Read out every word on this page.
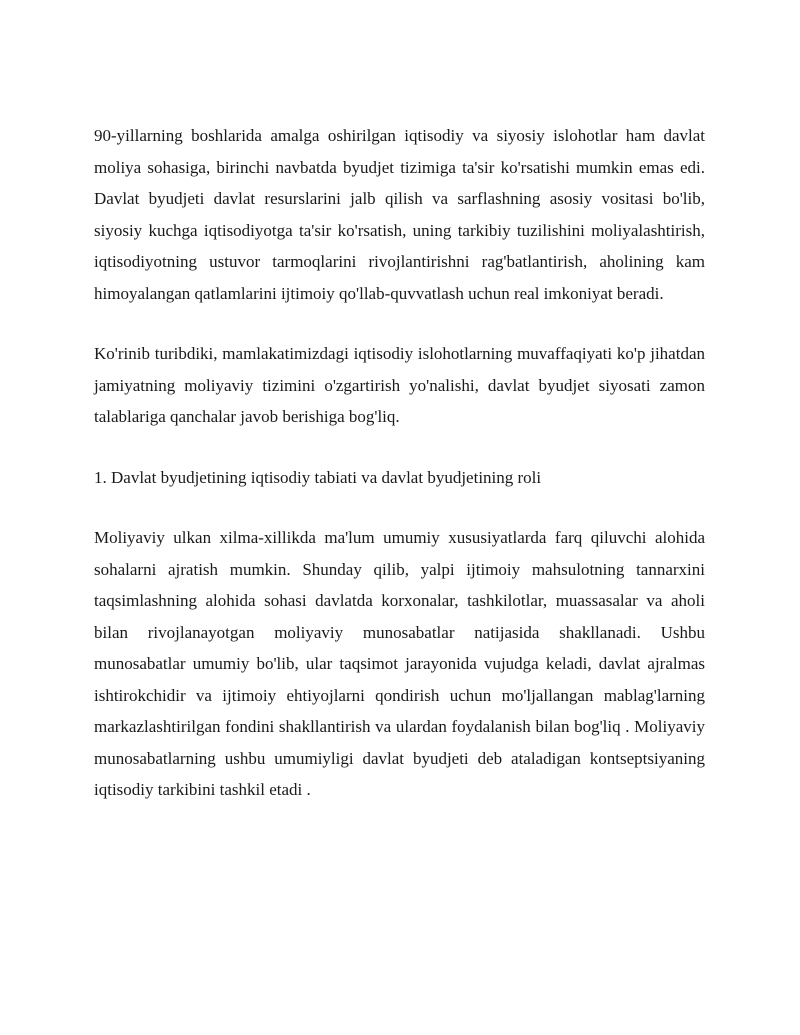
90-yillarning boshlarida amalga oshirilgan iqtisodiy va siyosiy islohotlar ham davlat moliya sohasiga, birinchi navbatda byudjet tizimiga ta'sir ko'rsatishi mumkin emas edi. Davlat byudjeti davlat resurslarini jalb qilish va sarflashning asosiy vositasi bo'lib, siyosiy kuchga iqtisodiyotga ta'sir ko'rsatish, uning tarkibiy tuzilishini moliyalashtirish, iqtisodiyotning ustuvor tarmoqlarini rivojlantirishni rag'batlantirish, aholining kam himoyalangan qatlamlarini ijtimoiy qo'llab-quvvatlash uchun real imkoniyat beradi.

Ko'rinib turibdiki, mamlakatimizdagi iqtisodiy islohotlarning muvaffaqiyati ko'p jihatdan jamiyatning moliyaviy tizimini o'zgartirish yo'nalishi, davlat byudjet siyosati zamon talablariga qanchalar javob berishiga bog'liq.

1. Davlat byudjetining iqtisodiy tabiati va davlat byudjetining roli

Moliyaviy ulkan xilma-xillikda ma'lum umumiy xususiyatlarda farq qiluvchi alohida sohalarni ajratish mumkin. Shunday qilib, yalpi ijtimoiy mahsulotning tannarxini taqsimlashning alohida sohasi davlatda korxonalar, tashkilotlar, muassasalar va aholi bilan rivojlanayotgan moliyaviy munosabatlar natijasida shakllanadi. Ushbu munosabatlar umumiy bo'lib, ular taqsimot jarayonida vujudga keladi, davlat ajralmas ishtirokchidir va ijtimoiy ehtiyojlarni qondirish uchun mo'ljallangan mablag'larning markazlashtirilgan fondini shakllantirish va ulardan foydalanish bilan bog'liq . Moliyaviy munosabatlarning ushbu umumiyligi davlat byudjeti deb ataladigan kontseptsiyaning iqtisodiy tarkibini tashkil etadi .
